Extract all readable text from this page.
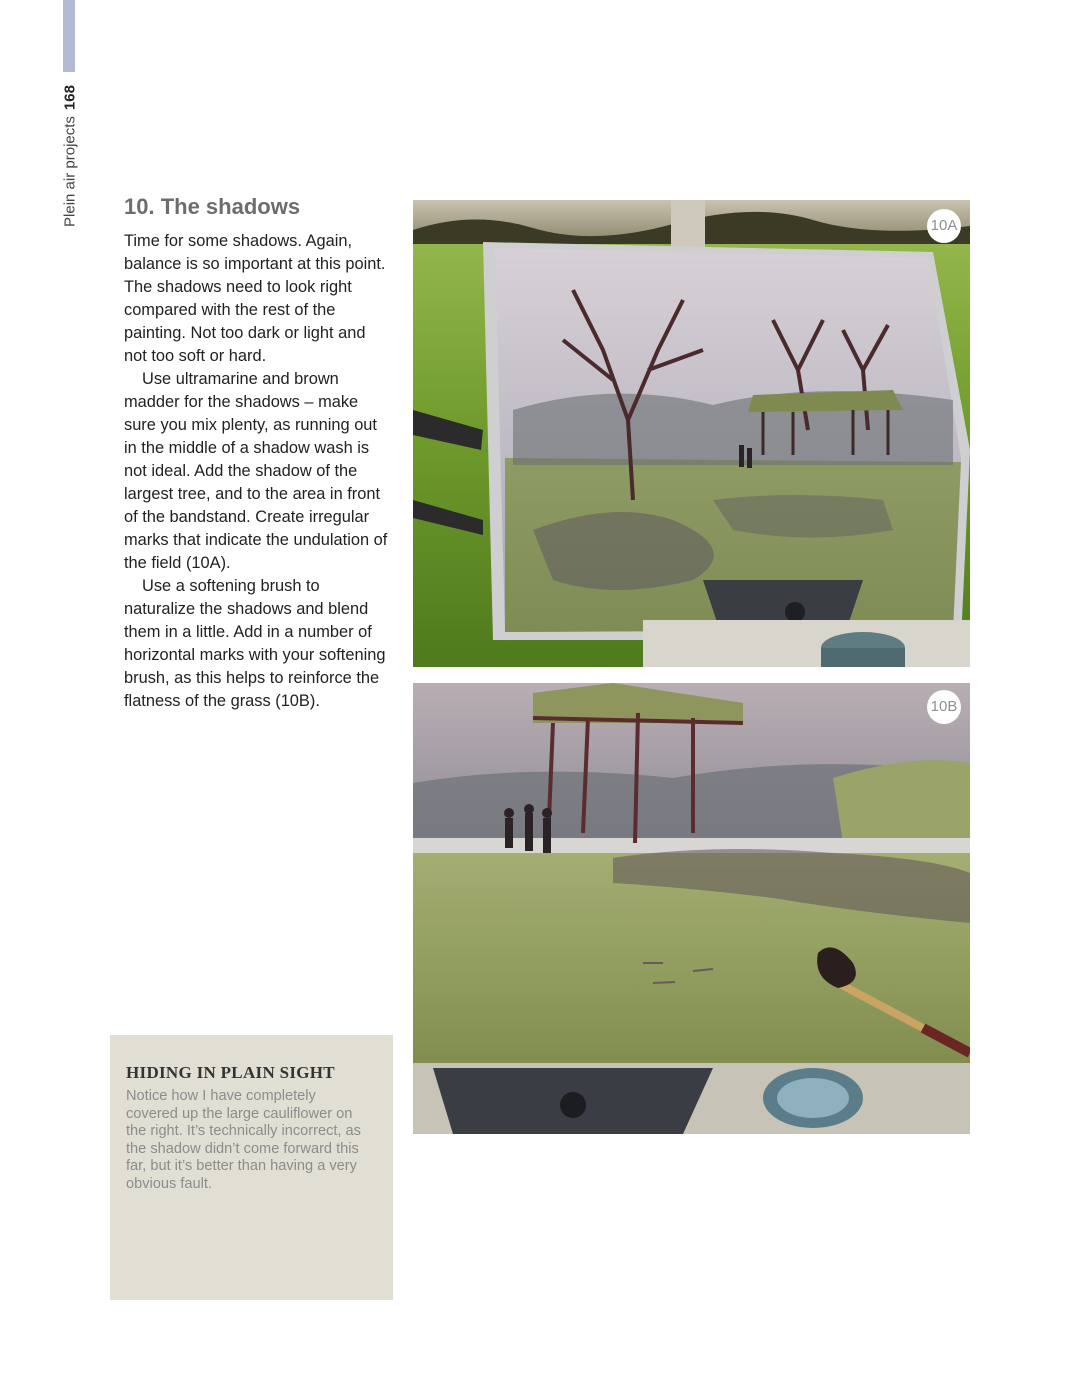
Plein air projects168
10. The shadows

Time for some shadows. Again, balance is so important at this point. The shadows need to look right compared with the rest of the painting. Not too dark or light and not too soft or hard.

Use ultramarine and brown madder for the shadows – make sure you mix plenty, as running out in the middle of a shadow wash is not ideal. Add the shadow of the largest tree, and to the area in front of the bandstand. Create irregular marks that indicate the undulation of the field (10A).

Use a softening brush to naturalize the shadows and blend them in a little. Add in a number of horizontal marks with your softening brush, as this helps to reinforce the flatness of the grass (10B).

HIDING IN PLAIN SIGHT

Notice how I have completely covered up the large cauliflower on the right. It’s technically incorrect, as the shadow didn’t come forward this far, but it’s better than having a very obvious fault.

10A
10B
